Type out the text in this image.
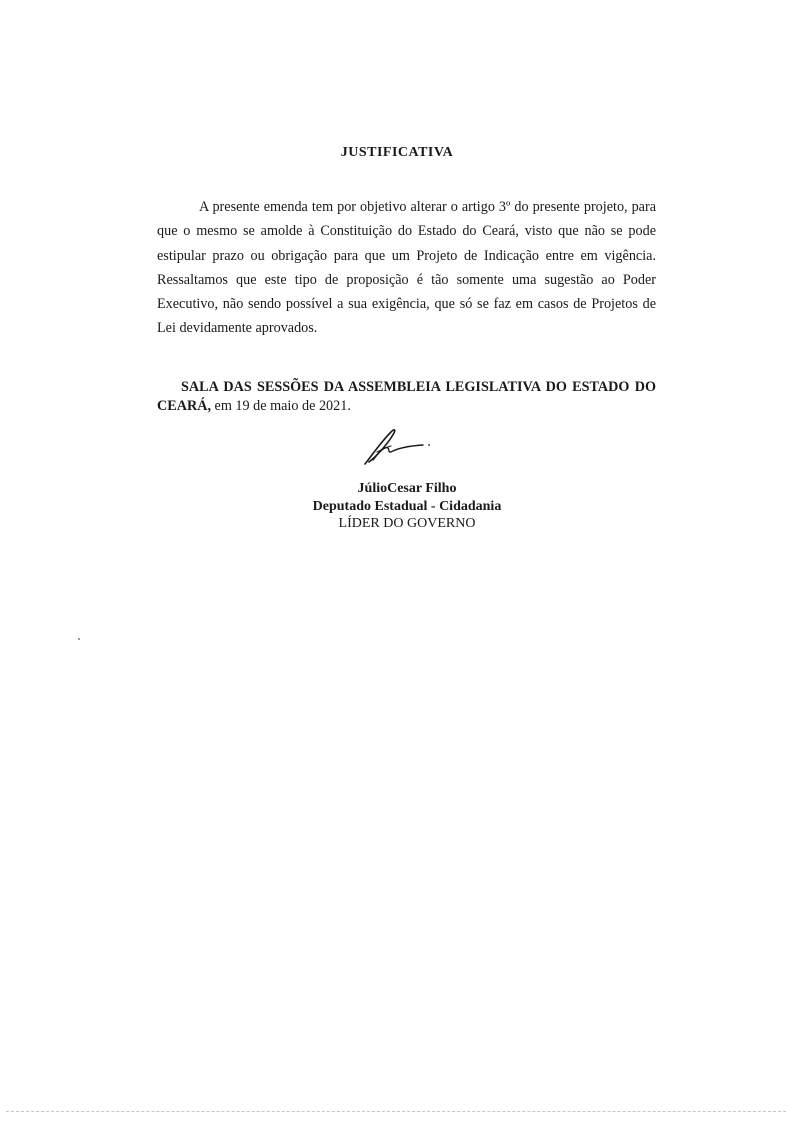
JUSTIFICATIVA
A presente emenda tem por objetivo alterar o artigo 3º do presente projeto, para que o mesmo se amolde à Constituição do Estado do Ceará, visto que não se pode estipular prazo ou obrigação para que um Projeto de Indicação entre em vigência. Ressaltamos que este tipo de proposição é tão somente uma sugestão ao Poder Executivo, não sendo possível a sua exigência, que só se faz em casos de Projetos de Lei devidamente aprovados.
SALA DAS SESSÕES DA ASSEMBLEIA LEGISLATIVA DO ESTADO DO CEARÁ, em 19 de maio de 2021.
JúlioCesar Filho
Deputado Estadual - Cidadania
LÍDER DO GOVERNO
